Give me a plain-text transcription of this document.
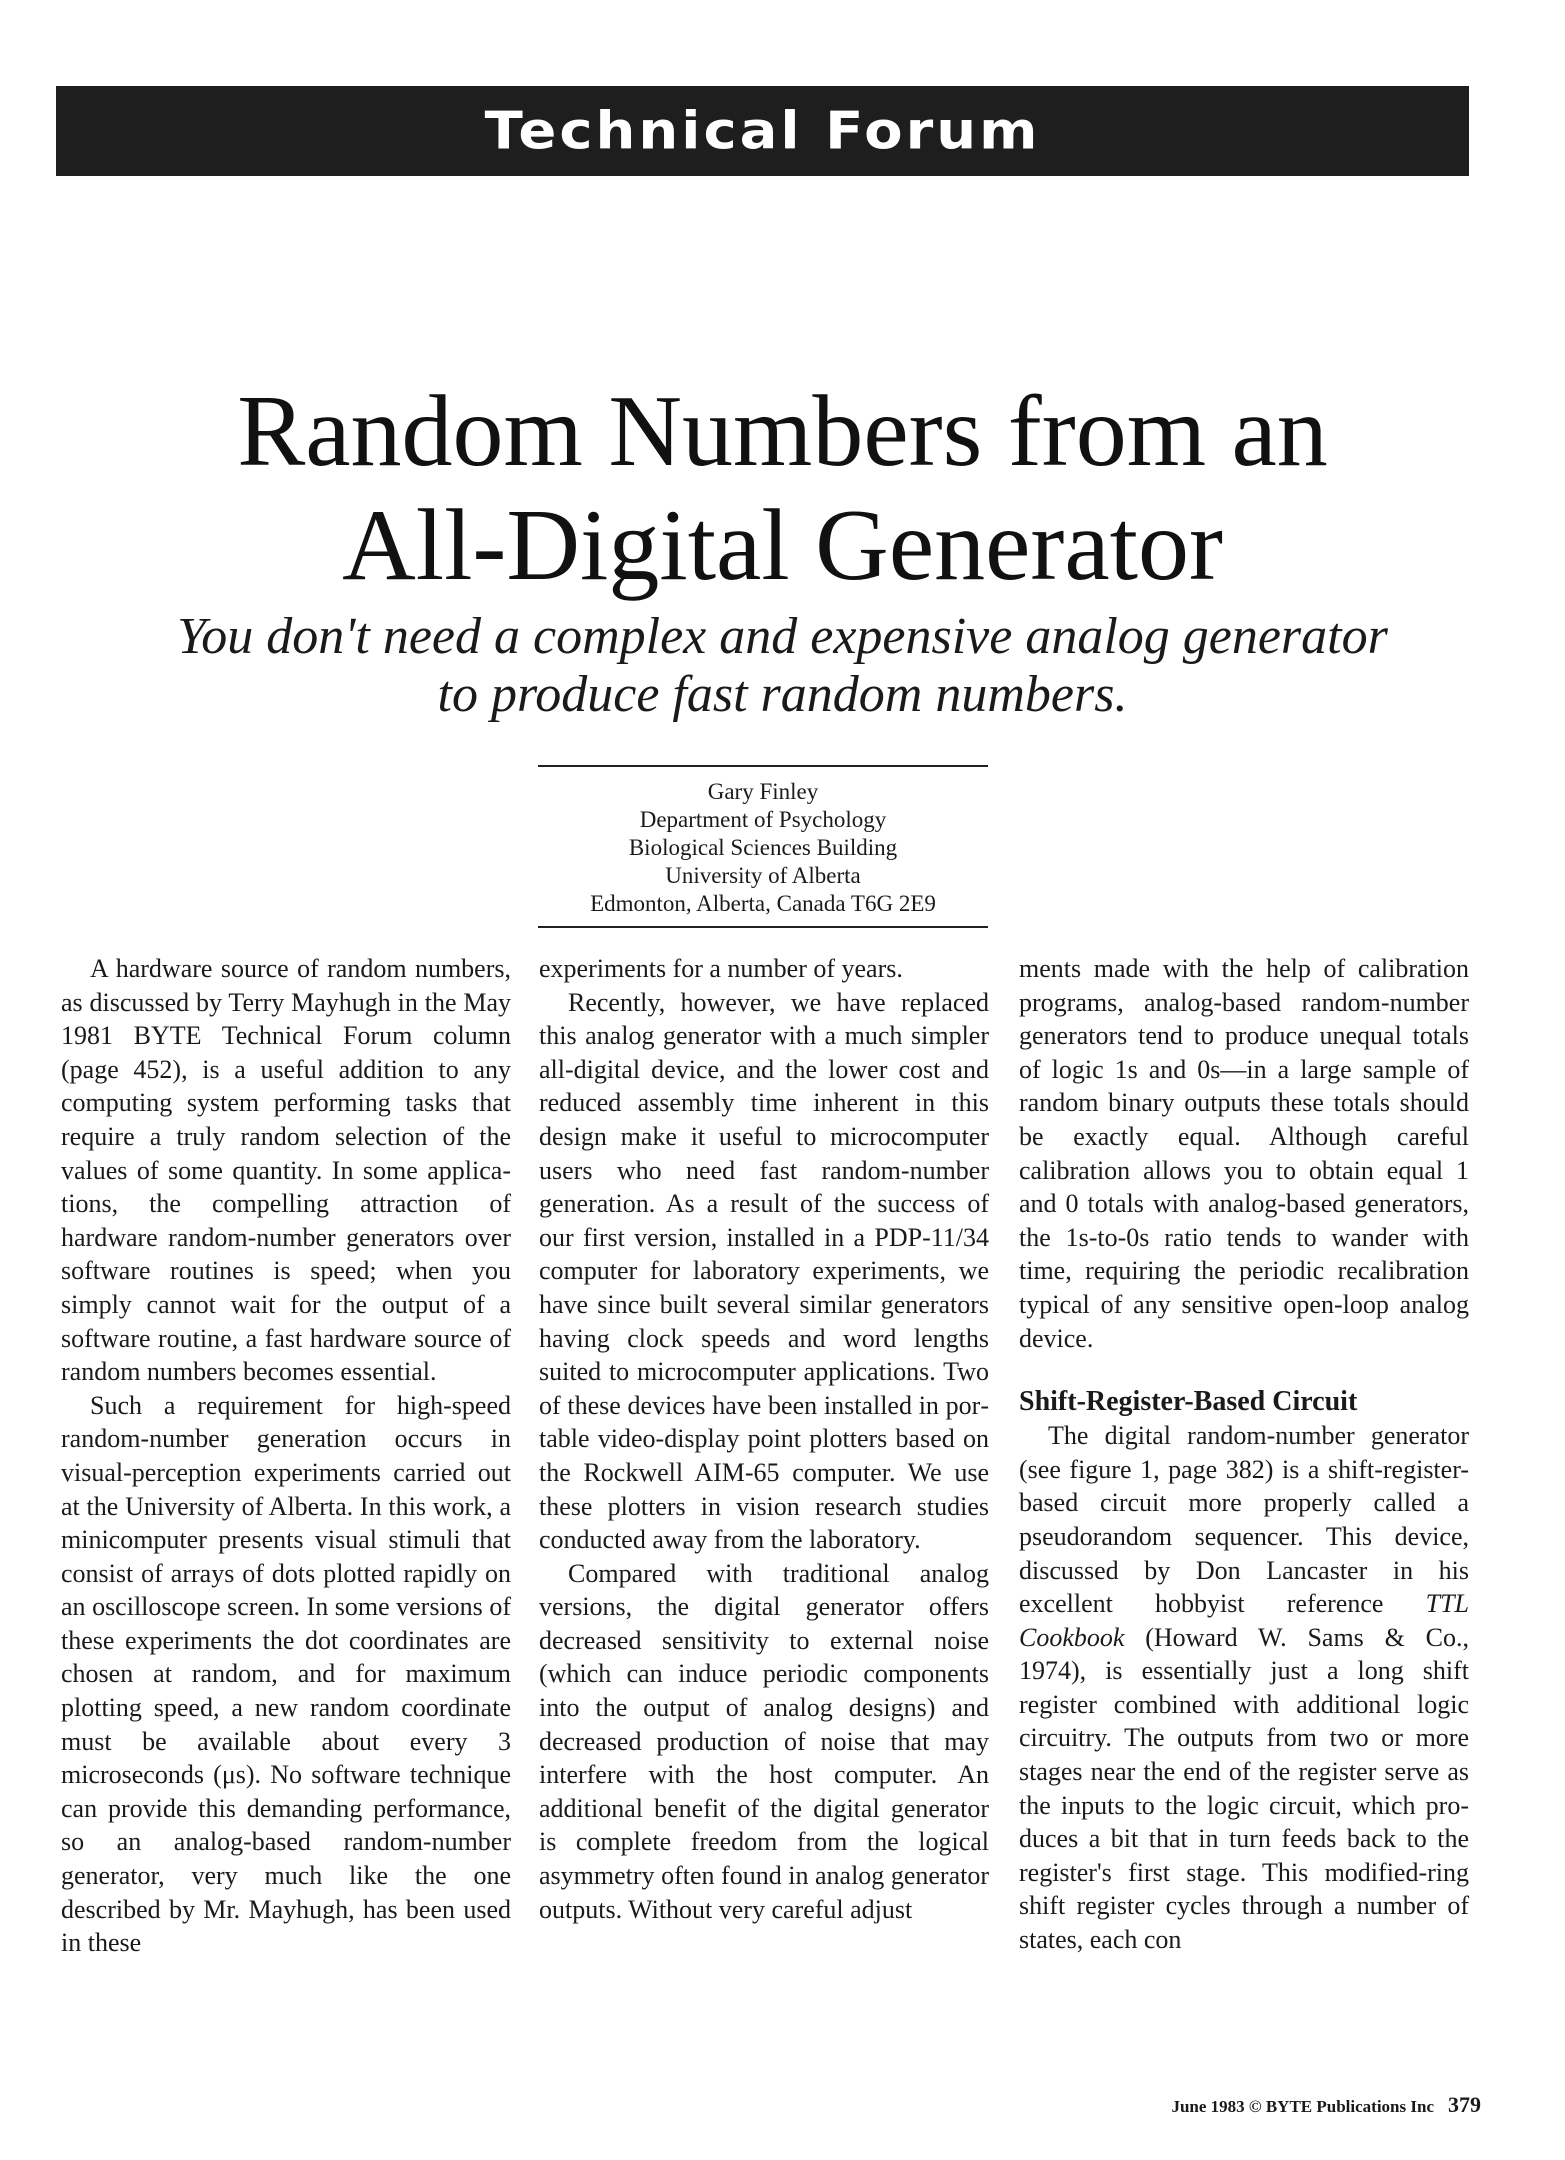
Technical Forum
Random Numbers from an
All-Digital Generator
You don't need a complex and expensive analog generator
to produce fast random numbers.
Gary Finley
Department of Psychology
Biological Sciences Building
University of Alberta
Edmonton, Alberta, Canada T6G 2E9

A hardware source of random numbers, as discussed by Terry Mayhugh in the May 1981 BYTE Technical Forum column (page 452), is a useful addition to any computing system performing tasks that require a truly random selection of the values of some quantity. In some applications, the compelling attraction of hardware random-number generators over software routines is speed; when you simply cannot wait for the output of a software routine, a fast hardware source of random numbers becomes essential.

Such a requirement for high-speed random-number generation occurs in visual-perception experiments carried out at the University of Alberta. In this work, a minicomputer presents visual stimuli that consist of arrays of dots plotted rapidly on an oscilloscope screen. In some versions of these experiments the dot coordinates are chosen at random, and for maximum plotting speed, a new random coordinate must be available about every 3 microseconds (μs). No software technique can provide this demanding performance, so an analog-based random-number generator, very much like the one described by Mr. Mayhugh, has been used in these

experiments for a number of years.

Recently, however, we have replaced this analog generator with a much simpler all-digital device, and the lower cost and reduced assembly time inherent in this design make it useful to microcomputer users who need fast random-number generation. As a result of the success of our first version, installed in a PDP-11/34 computer for laboratory experiments, we have since built several similar generators having clock speeds and word lengths suited to microcomputer applications. Two of these devices have been installed in portable video-display point plotters based on the Rockwell AIM-65 computer. We use these plotters in vision research studies conducted away from the laboratory.

Compared with traditional analog versions, the digital generator offers decreased sensitivity to external noise (which can induce periodic components into the output of analog designs) and decreased production of noise that may interfere with the host computer. An additional benefit of the digital generator is complete freedom from the logical asymmetry often found in analog generator outputs. Without very careful adjust

ments made with the help of calibration programs, analog-based random-number generators tend to produce unequal totals of logic 1s and 0s—in a large sample of random binary outputs these totals should be exactly equal. Although careful calibration allows you to obtain equal 1 and 0 totals with analog-based generators, the 1s-to-0s ratio tends to wander with time, requiring the periodic recalibration typical of any sensitive open-loop analog device.

Shift-Register-Based Circuit

The digital random-number generator (see figure 1, page 382) is a shift-register-based circuit more properly called a pseudorandom sequencer. This device, discussed by Don Lancaster in his excellent hobbyist reference TTL Cookbook (Howard W. Sams & Co., 1974), is essentially just a long shift register combined with additional logic circuitry. The outputs from two or more stages near the end of the register serve as the inputs to the logic circuit, which produces a bit that in turn feeds back to the register's first stage. This modified-ring shift register cycles through a number of states, each con

June 1983 © BYTE Publications Inc 379
